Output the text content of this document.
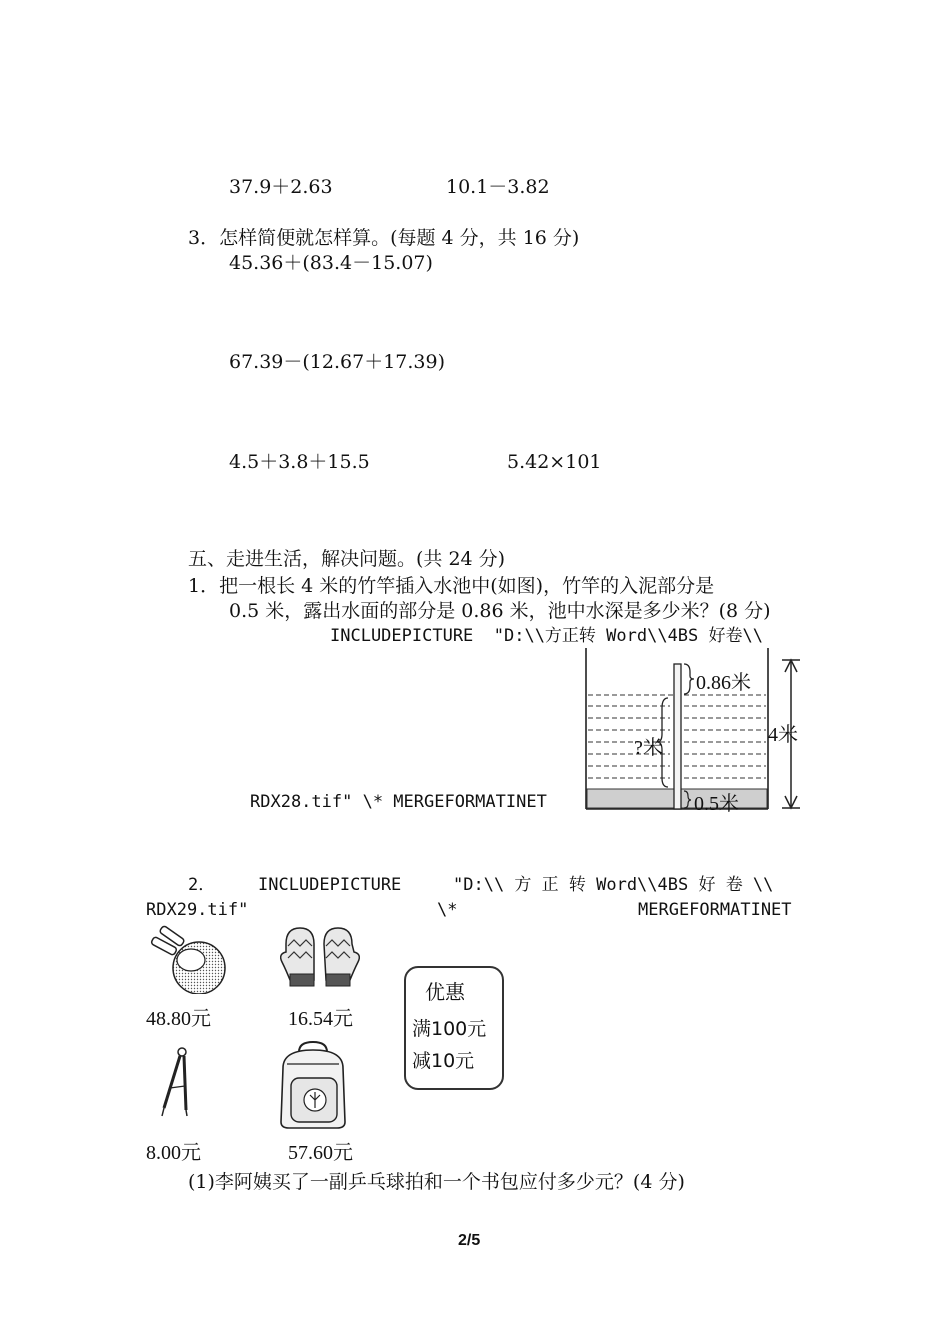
37.9＋2.63	10.1－3.82
3．怎样简便就怎样算。(每题 4 分，共 16 分)
45.36＋(83.4－15.07)
67.39－(12.67＋17.39)
4.5＋3.8＋15.5	5.42×101
五、走进生活，解决问题。(共 24 分)
1．把一根长 4 米的竹竿插入水池中(如图)，竹竿的入泥部分是
0.5 米，露出水面的部分是 0.86 米，池中水深是多少米？(8 分)
INCLUDEPICTURE  "D:\\方正转 Word\\4BS 好卷\\
RDX28.tif" \* MERGEFORMATINET
0.86米
?米
4米
0.5米
2．	INCLUDEPICTURE	"D:\\ 方 正 转 Word\\4BS 好 卷 \\
RDX29.tif"	\*	MERGEFORMATINET
48.80元	16.54元
优惠
满100元
减10元
8.00元	57.60元
(1)李阿姨买了一副乒乓球拍和一个书包应付多少元？(4 分)
2/5
